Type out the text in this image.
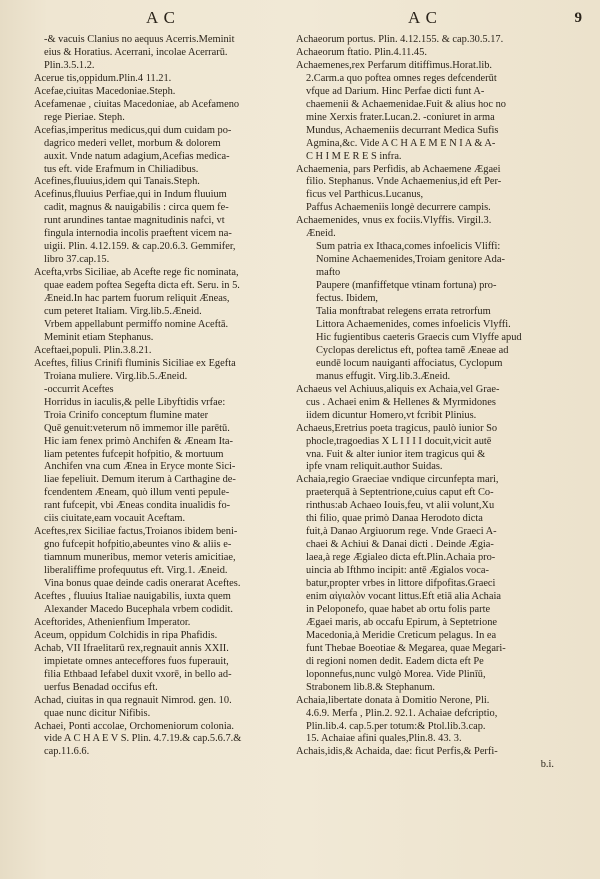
A C	A C	9
-& vacuis Clanius no aequus Acerris.Meminit
eius & Horatius. Acerrani, incolae Acerrarū.
Plin.3.5.1.2.
Acerue tis,oppidum.Plin.4 11.21.
Acefae,ciuitas Macedoniae.Steph.
Acefamenae , ciuitas Macedoniae, ab Acefameno
rege Pieriae. Steph.
Acefias,imperitus medicus,qui dum cuidam po-
dagrico mederi vellet, morbum & dolorem
auxit. Vnde natum adagium,Acefias medica-
tus eft. vide Erafmum in Chiliadibus.
Acefines,fluuius,idem qui Tanais.Steph.
Acefinus,fluuius Perfiae,qui in Indum fluuium
cadit, magnus & nauigabilis : circa quem fe-
runt arundines tantae magnitudinis nafci, vt
fingula internodia incolis praeftent vicem na-
uigii. Plin. 4.12.159. & cap.20.6.3. Gemmifer,
libro 37.cap.15.
Acefta,vrbs Siciliae, ab Acefte rege fic nominata,
quae eadem poftea Segefta dicta eft. Seru. in 5.
Æneid.In hac partem fuorum reliquit Æneas,
cum peteret Italiam. Virg.lib.5.Æneid.
Vrbem appellabunt permiffo nomine Aceftā.
Meminit etiam Stephanus.
Aceftaei,populi. Plin.3.8.21.
Aceftes, filius Crinifi fluminis Siciliae ex Egefta
Troiana muliere. Virg.lib.5.Æneid.
-occurrit Aceftes
Horridus in iaculis,& pelle Libyftidis vrfae:
Troia Crinifo conceptum flumine mater
Quē genuit:veterum nō immemor ille parētū.
Hic iam fenex primò Anchifen & Æneam Ita-
liam petentes fufcepit hofpitio, & mortuum
Anchifen vna cum Ænea in Eryce monte Sici-
liae fepeliuit. Demum iterum à Carthagine de-
fcendentem Æneam, quò illum venti pepule-
rant fufcepit, vbi Æneas condita inualidis fo-
ciis ciuitate,eam vocauit Aceftam.
Aceftes,rex Siciliae factus,Troianos ibidem beni-
gno fufcepit hofpitio,abeuntes vino & aliis e-
tiamnum muneribus, memor veteris amicitiae,
liberaliffime profequutus eft. Virg.1. Æneid.
Vina bonus quae deinde cadis onerarat Aceftes.
Aceftes , fluuius Italiae nauigabilis, iuxta quem
Alexander Macedo Bucephala vrbem codidit.
Aceftorides, Athenienfium Imperator.
Aceum, oppidum Colchidis in ripa Phafidis.
Achab, VII Ifraelitarū rex,regnauit annis XXII.
impietate omnes anteceffores fuos fuperauit,
filia Ethbaad Iefabel duxit vxorē, in bello ad-
uerfus Benadad occifus eft.
Achad, ciuitas in qua regnauit Nimrod. gen. 10.
quae nunc dicitur Nifibis.
Achaei, Ponti accolae, Orchomeniorum colonia.
vide A C H A E V S. Plin. 4.7.19.& cap.5.6.7.&
cap.11.6.6.
Achaeorum portus. Plin. 4.12.155. & cap.30.5.17.
Achaeorum ftatio. Plin.4.11.45.
Achaemenes,rex Perfarum ditiffimus.Horat.lib.
2.Carm.a quo poftea omnes reges defcenderūt
vfque ad Darium. Hinc Perfae dicti funt A-
chaemenii & Achaemenidae.Fuit & alius hoc no
mine Xerxis frater.Lucan.2. -coniuret in arma
Mundus, Achaemeniis decurrant Medica Sufis
Agmina,&c. Vide A C H A E M E N I A & A-
C H I M E R E S infra.
Achaemenia, pars Perfidis, ab Achaemene Ægaei
filio. Stephanus. Vnde Achaemenius,id eft Per-
ficus vel Parthicus.Lucanus,
Paffus Achaemeniis longè decurrere campis.
Achaemenides, vnus ex fociis.Vlyffis. Virgil.3.
Æneid.
Sum patria ex Ithaca,comes infoelicis Vliffi:
Nomine Achaemenides,Troiam genitore Ada-
mafto
Paupere (manfiffetque vtinam fortuna) pro-
fectus. Ibidem,
Talia monftrabat relegens errata retrorfum
Littora Achaemenides, comes infoelicis Vlyffi.
Hic fugientibus caeteris Graecis cum Vlyffe apud
Cyclopas derelictus eft, poftea tamē Æneae ad
eundē locum nauiganti affociatus, Cyclopum
manus effugit. Virg.lib.3.Æneid.
Achaeus vel Achiuus,aliquis ex Achaia,vel Grae-
cus . Achaei enim & Hellenes & Myrmidones
iidem dicuntur Homero,vt fcribit Plinius.
Achaeus,Eretrius poeta tragicus, paulò iunior So
phocle,tragoedias X L I I I I docuit,vicit autē
vna. Fuit & alter iunior item tragicus qui &
ipfe vnam reliquit.author Suidas.
Achaia,regio Graeciae vndique circunfepta mari,
praeterquā à Septentrione,cuius caput eft Co-
rinthus:ab Achaeo Iouis,feu, vt alii volunt,Xu
thi filio, quae primò Danaa Herodoto dicta
fuit,à Danao Argiuorum rege. Vnde Graeci A-
chaei & Achiui & Danai dicti . Deinde Ægia-
laea,à rege Ægialeo dicta eft.Plin.Achaia pro-
uincia ab Ifthmo incipit: antē Ægialos voca-
batur,propter vrbes in littore difpofitas.Graeci
enim αἰγιαλὸν vocant littus.Eft etiā alia Achaia
in Peloponefo, quae habet ab ortu folis parte
Ægaei maris, ab occafu Epirum, à Septetrione
Macedonia,à Meridie Creticum pelagus. In ea
funt Thebae Boeotiae & Megarea, quae Megari-
di regioni nomen dedit. Eadem dicta eft Pe
loponnefus,nunc vulgò Morea. Vide Plinīū,
Strabonem lib.8.& Stephanum.
Achaia,libertate donata à Domitio Nerone, Pli.
4.6.9. Merfa , Plin.2. 92.1. Achaiae defcriptio,
Plin.lib.4. cap.5.per totum:& Ptol.lib.3.cap.
15. Achaiae afini quales,Plin.8. 43. 3.
Achais,idis,& Achaida, dae: ficut Perfis,& Perfi-
b.i.
